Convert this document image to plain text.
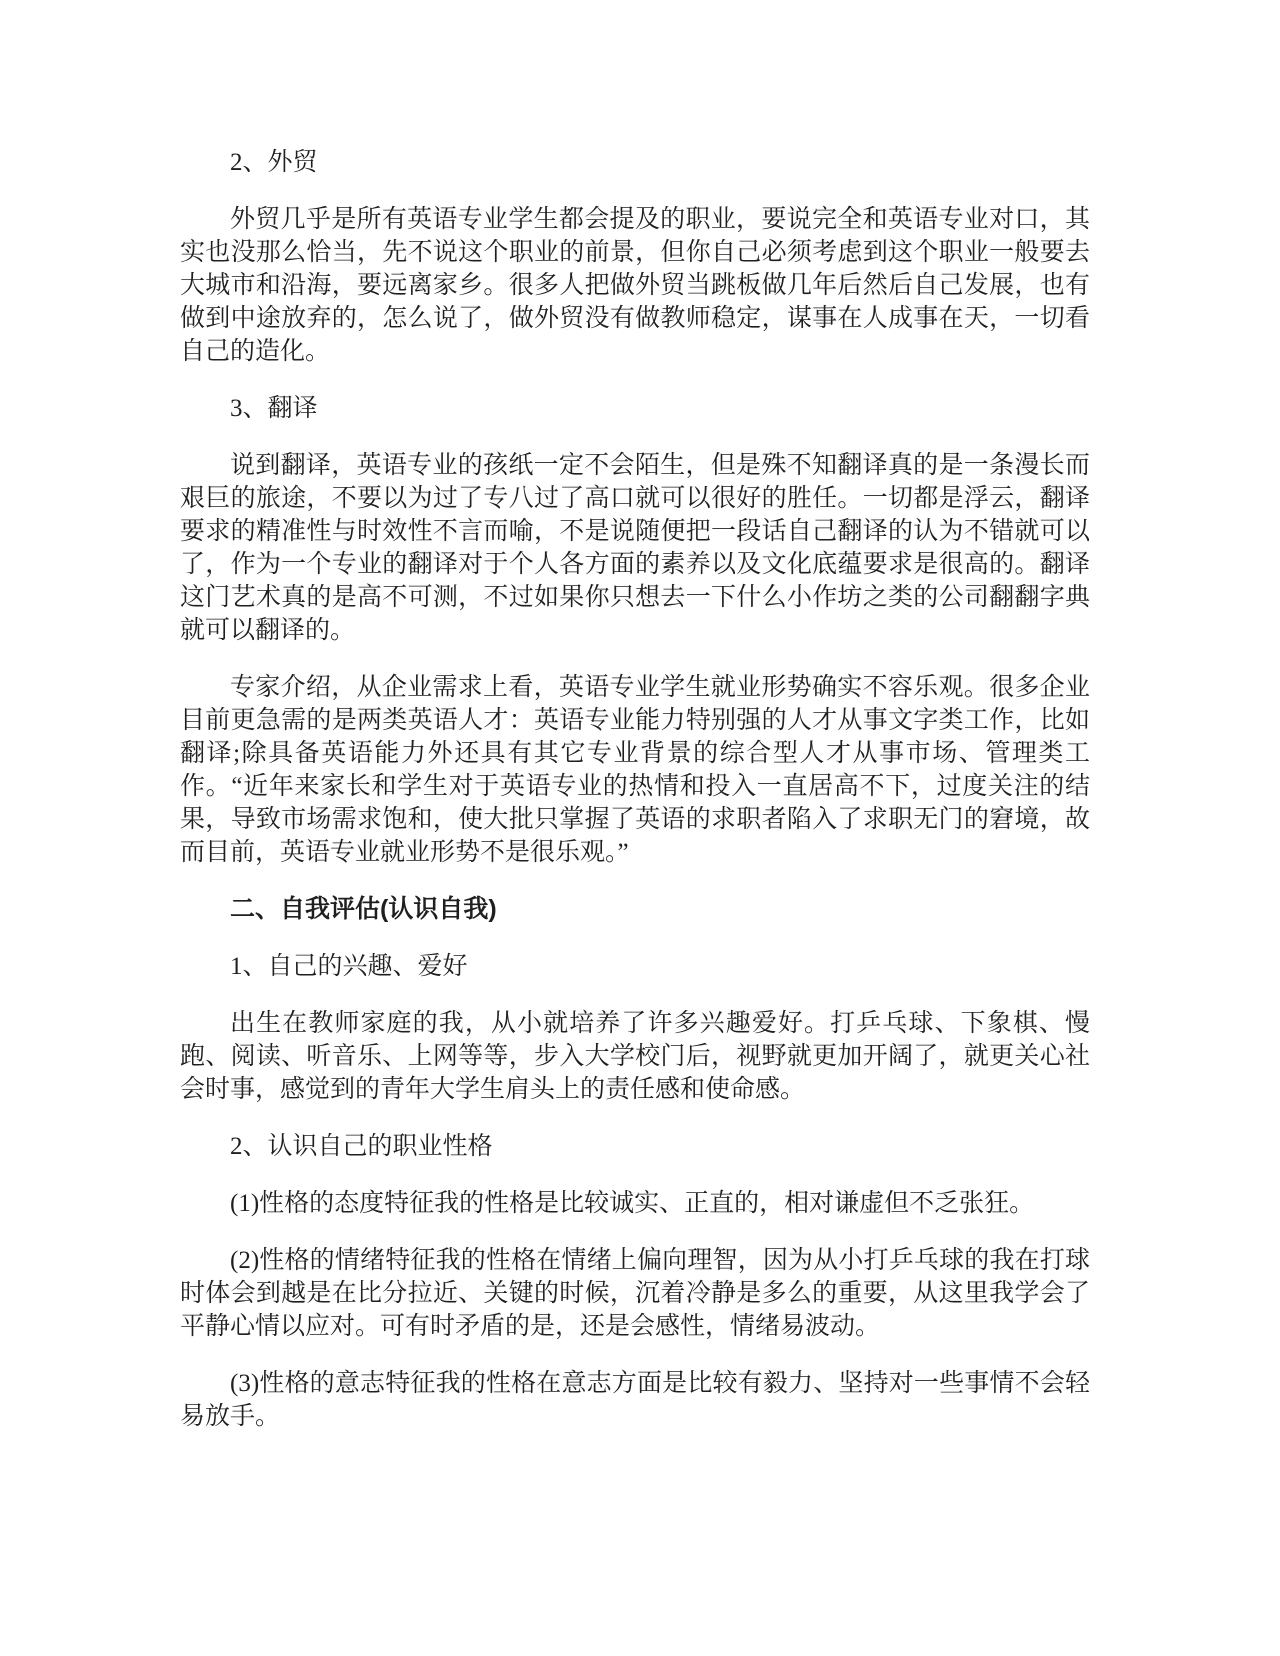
2、外贸

外贸几乎是所有英语专业学生都会提及的职业，要说完全和英语专业对口，其实也没那么恰当，先不说这个职业的前景，但你自己必须考虑到这个职业一般要去大城市和沿海，要远离家乡。很多人把做外贸当跳板做几年后然后自己发展，也有做到中途放弃的，怎么说了，做外贸没有做教师稳定，谋事在人成事在天，一切看自己的造化。

3、翻译

说到翻译，英语专业的孩纸一定不会陌生，但是殊不知翻译真的是一条漫长而艰巨的旅途，不要以为过了专八过了高口就可以很好的胜任。一切都是浮云，翻译要求的精准性与时效性不言而喻，不是说随便把一段话自己翻译的认为不错就可以了，作为一个专业的翻译对于个人各方面的素养以及文化底蕴要求是很高的。翻译这门艺术真的是高不可测，不过如果你只想去一下什么小作坊之类的公司翻翻字典就可以翻译的。

专家介绍，从企业需求上看，英语专业学生就业形势确实不容乐观。很多企业目前更急需的是两类英语人才：英语专业能力特别强的人才从事文字类工作，比如翻译;除具备英语能力外还具有其它专业背景的综合型人才从事市场、管理类工作。“近年来家长和学生对于英语专业的热情和投入一直居高不下，过度关注的结果，导致市场需求饱和，使大批只掌握了英语的求职者陷入了求职无门的窘境，故而目前，英语专业就业形势不是很乐观。”

二、自我评估(认识自我)

1、自己的兴趣、爱好

出生在教师家庭的我，从小就培养了许多兴趣爱好。打乒乓球、下象棋、慢跑、阅读、听音乐、上网等等，步入大学校门后，视野就更加开阔了，就更关心社会时事，感觉到的青年大学生肩头上的责任感和使命感。

2、认识自己的职业性格

(1)性格的态度特征我的性格是比较诚实、正直的，相对谦虚但不乏张狂。

(2)性格的情绪特征我的性格在情绪上偏向理智，因为从小打乒乓球的我在打球时体会到越是在比分拉近、关键的时候，沉着冷静是多么的重要，从这里我学会了平静心情以应对。可有时矛盾的是，还是会感性，情绪易波动。

(3)性格的意志特征我的性格在意志方面是比较有毅力、坚持对一些事情不会轻易放手。
